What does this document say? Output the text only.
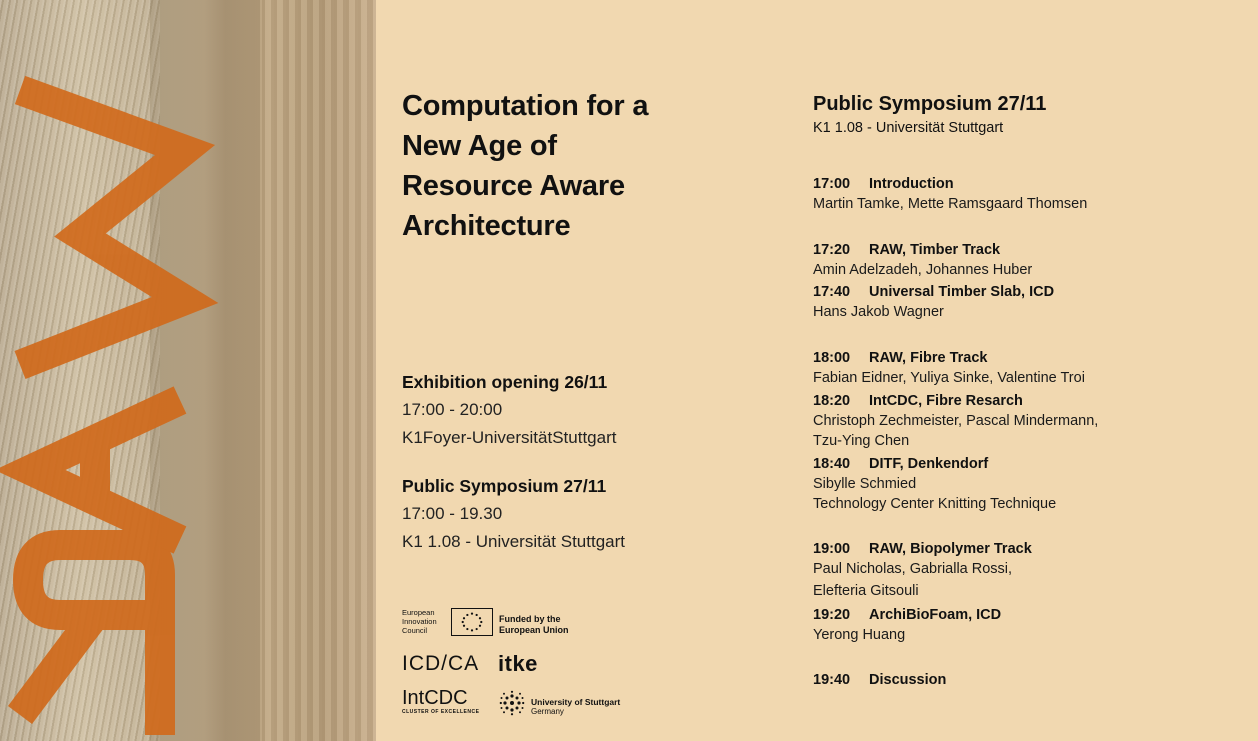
Computation for a New Age of Resource Aware Architecture
Exhibition opening 26/11
17:00 - 20:00
K1Foyer-UniversitätStuttgart
Public Symposium 27/11
17:00 - 19.30
K1 1.08 - Universität Stuttgart
European Innovation Council
Funded by the European Union
ICD/CA itke
IntCDC
CLUSTER OF EXCELLENCE
University of Stuttgart
Germany
Public Symposium 27/11
K1 1.08 - Universität Stuttgart
17:00 Introduction
Martin Tamke, Mette Ramsgaard Thomsen
17:20 RAW, Timber Track
Amin Adelzadeh, Johannes Huber
17:40 Universal Timber Slab, ICD
Hans Jakob Wagner
18:00 RAW, Fibre Track
Fabian Eidner, Yuliya Sinke, Valentine Troi
18:20 IntCDC, Fibre Resarch
Christoph Zechmeister, Pascal Mindermann,
Tzu-Ying Chen
18:40 DITF, Denkendorf
Sibylle Schmied
Technology Center Knitting Technique
19:00 RAW, Biopolymer Track
Paul Nicholas, Gabrialla Rossi,
Elefteria Gitsouli
19:20 ArchiBioFoam, ICD
Yerong Huang
19:40 Discussion
